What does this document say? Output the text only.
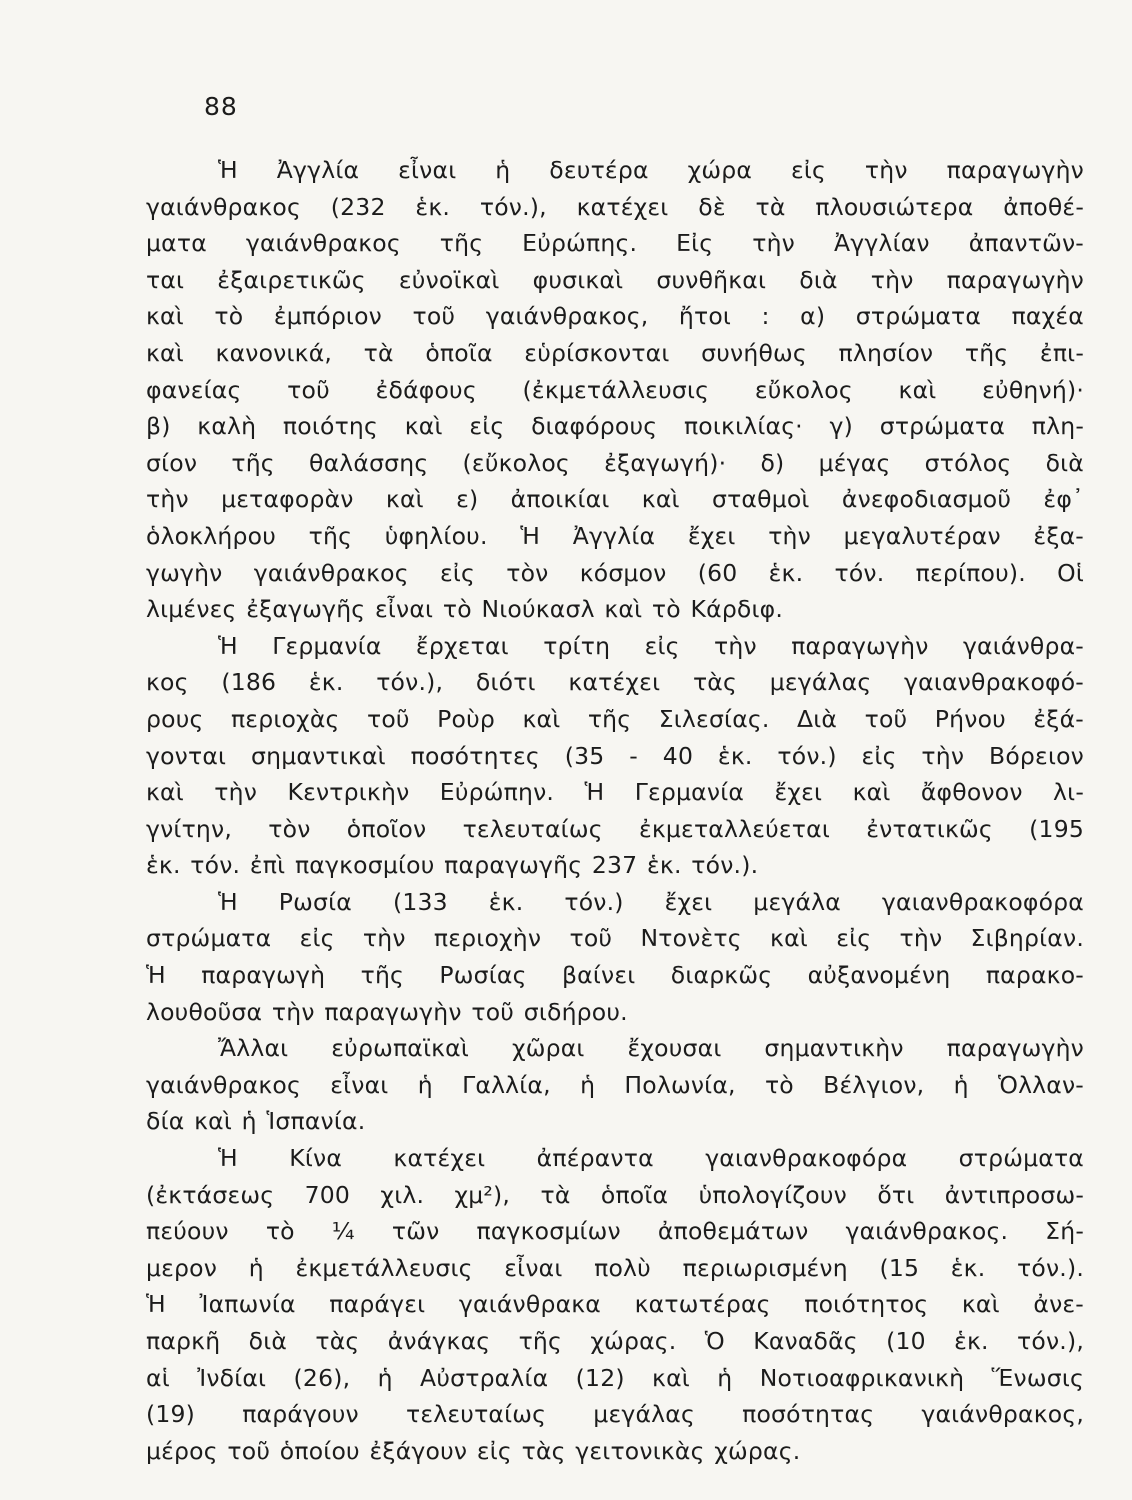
88
Ἡ Ἀγγλία εἶναι ἡ δευτέρα χώρα εἰς τὴν παραγωγὴν
γαιάνθρακος (232 ἑκ. τόν.), κατέχει δὲ τὰ πλουσιώτερα ἀποθέ-
ματα γαιάνθρακος τῆς Εὐρώπης. Εἰς τὴν Ἀγγλίαν ἀπαντῶν-
ται ἐξαιρετικῶς εὐνοϊκαὶ φυσικαὶ συνθῆκαι διὰ τὴν παραγωγὴν
καὶ τὸ ἐμπόριον τοῦ γαιάνθρακος, ἤτοι : α) στρώματα παχέα
καὶ κανονικά, τὰ ὁποῖα εὑρίσκονται συνήθως πλησίον τῆς ἐπι-
φανείας τοῦ ἐδάφους (ἐκμετάλλευσις εὔκολος καὶ εὐθηνή)·
β) καλὴ ποιότης καὶ εἰς διαφόρους ποικιλίας· γ) στρώματα πλη-
σίον τῆς θαλάσσης (εὔκολος ἐξαγωγή)· δ) μέγας στόλος διὰ
τὴν μεταφορὰν καὶ ε) ἀποικίαι καὶ σταθμοὶ ἀνεφοδιασμοῦ ἐφ᾽
ὁλοκλήρου τῆς ὑφηλίου. Ἡ Ἀγγλία ἔχει τὴν μεγαλυτέραν ἐξα-
γωγὴν γαιάνθρακος εἰς τὸν κόσμον (60 ἑκ. τόν. περίπου). Οἱ
λιμένες ἐξαγωγῆς εἶναι τὸ Νιούκασλ καὶ τὸ Κάρδιφ.
Ἡ Γερμανία ἔρχεται τρίτη εἰς τὴν παραγωγὴν γαιάνθρα-
κος (186 ἑκ. τόν.), διότι κατέχει τὰς μεγάλας γαιανθρακοφό-
ρους περιοχὰς τοῦ Ροὺρ καὶ τῆς Σιλεσίας. Διὰ τοῦ Ρήνου ἐξά-
γονται σημαντικαὶ ποσότητες (35 - 40 ἑκ. τόν.) εἰς τὴν Βόρειον
καὶ τὴν Κεντρικὴν Εὐρώπην. Ἡ Γερμανία ἔχει καὶ ἄφθονον λι-
γνίτην, τὸν ὁποῖον τελευταίως ἐκμεταλλεύεται ἐντατικῶς (195
ἑκ. τόν. ἐπὶ παγκοσμίου παραγωγῆς 237 ἑκ. τόν.).
Ἡ Ρωσία (133 ἑκ. τόν.) ἔχει μεγάλα γαιανθρακοφόρα
στρώματα εἰς τὴν περιοχὴν τοῦ Ντονὲτς καὶ εἰς τὴν Σιβηρίαν.
Ἡ παραγωγὴ τῆς Ρωσίας βαίνει διαρκῶς αὐξανομένη παρακο-
λουθοῦσα τὴν παραγωγὴν τοῦ σιδήρου.
Ἄλλαι εὐρωπαϊκαὶ χῶραι ἔχουσαι σημαντικὴν παραγωγὴν
γαιάνθρακος εἶναι ἡ Γαλλία, ἡ Πολωνία, τὸ Βέλγιον, ἡ Ὁλλαν-
δία καὶ ἡ Ἱσπανία.
Ἡ Κίνα κατέχει ἀπέραντα γαιανθρακοφόρα στρώματα
(ἐκτάσεως 700 χιλ. χμ²), τὰ ὁποῖα ὑπολογίζουν ὅτι ἀντιπροσω-
πεύουν τὸ ¼ τῶν παγκοσμίων ἀποθεμάτων γαιάνθρακος. Σή-
μερον ἡ ἐκμετάλλευσις εἶναι πολὺ περιωρισμένη (15 ἑκ. τόν.).
Ἡ Ἰαπωνία παράγει γαιάνθρακα κατωτέρας ποιότητος καὶ ἀνε-
παρκῆ διὰ τὰς ἀνάγκας τῆς χώρας. Ὁ Καναδᾶς (10 ἑκ. τόν.),
αἱ Ἰνδίαι (26), ἡ Αὐστραλία (12) καὶ ἡ Νοτιοαφρικανικὴ Ἕνωσις
(19) παράγουν τελευταίως μεγάλας ποσότητας γαιάνθρακος,
μέρος τοῦ ὁποίου ἐξάγουν εἰς τὰς γειτονικὰς χώρας.
